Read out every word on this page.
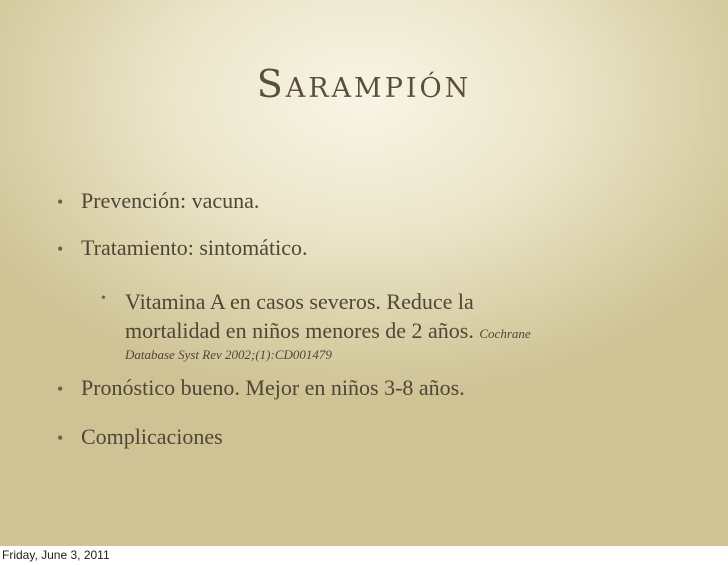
Sarampión
• Prevención: vacuna.
• Tratamiento: sintomático.
• Vitamina A en casos severos. Reduce la
mortalidad en niños menores de 2 años. Cochrane
Database Syst Rev 2002;(1):CD001479
• Pronóstico bueno. Mejor en niños 3-8 años.
• Complicaciones
Friday, June 3, 2011
